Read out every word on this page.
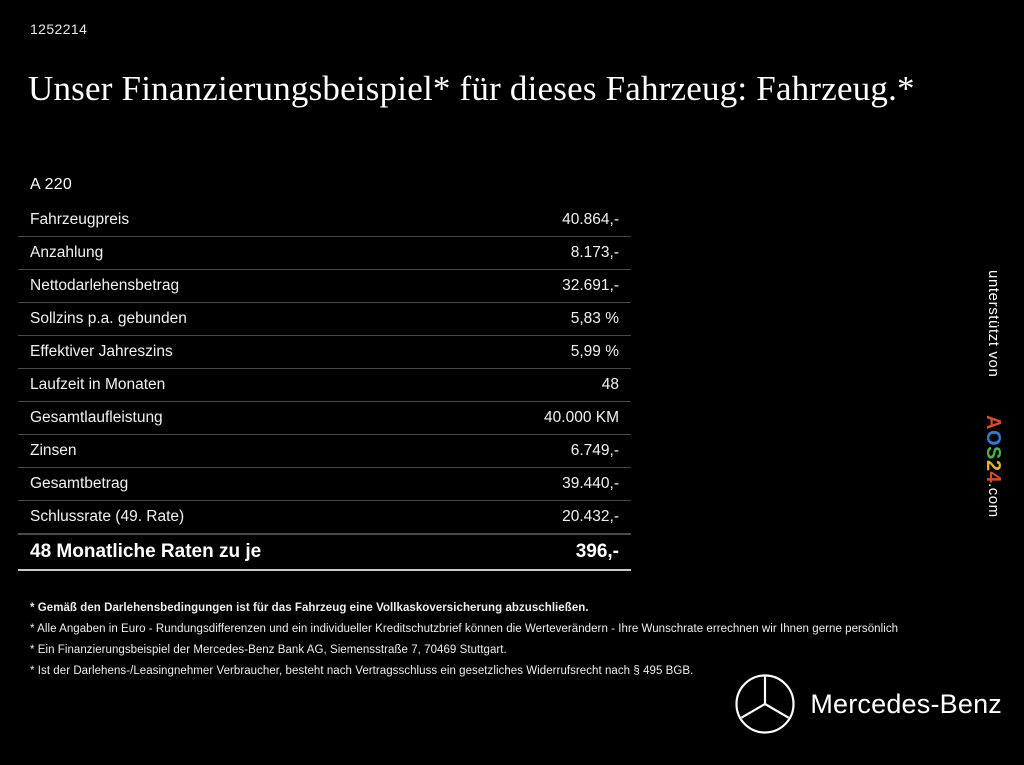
1252214
Unser Finanzierungsbeispiel* für dieses Fahrzeug: Fahrzeug.*
A 220
Fahrzeugpreis	40.864,-
Anzahlung	8.173,-
Nettodarlehensbetrag	32.691,-
Sollzins p.a. gebunden	5,83 %
Effektiver Jahreszins	5,99 %
Laufzeit in Monaten	48
Gesamtlaufleistung	40.000 KM
Zinsen	6.749,-
Gesamtbetrag	39.440,-
Schlussrate (49. Rate)	20.432,-
48 Monatliche Raten zu je	396,-
* Gemäß den Darlehensbedingungen ist für das Fahrzeug eine Vollkaskoversicherung abzuschließen.
* Alle Angaben in Euro - Rundungsdifferenzen und ein individueller Kreditschutzbrief können die Werteverändern - Ihre Wunschrate errechnen wir Ihnen gerne persönlich
* Ein Finanzierungsbeispiel der Mercedes-Benz Bank AG, Siemensstraße 7, 70469 Stuttgart.
* Ist der Darlehens-/Leasingnehmer Verbraucher, besteht nach Vertragsschluss ein gesetzliches Widerrufsrecht nach § 495 BGB.
unterstützt von
AOS24.com
Mercedes-Benz
